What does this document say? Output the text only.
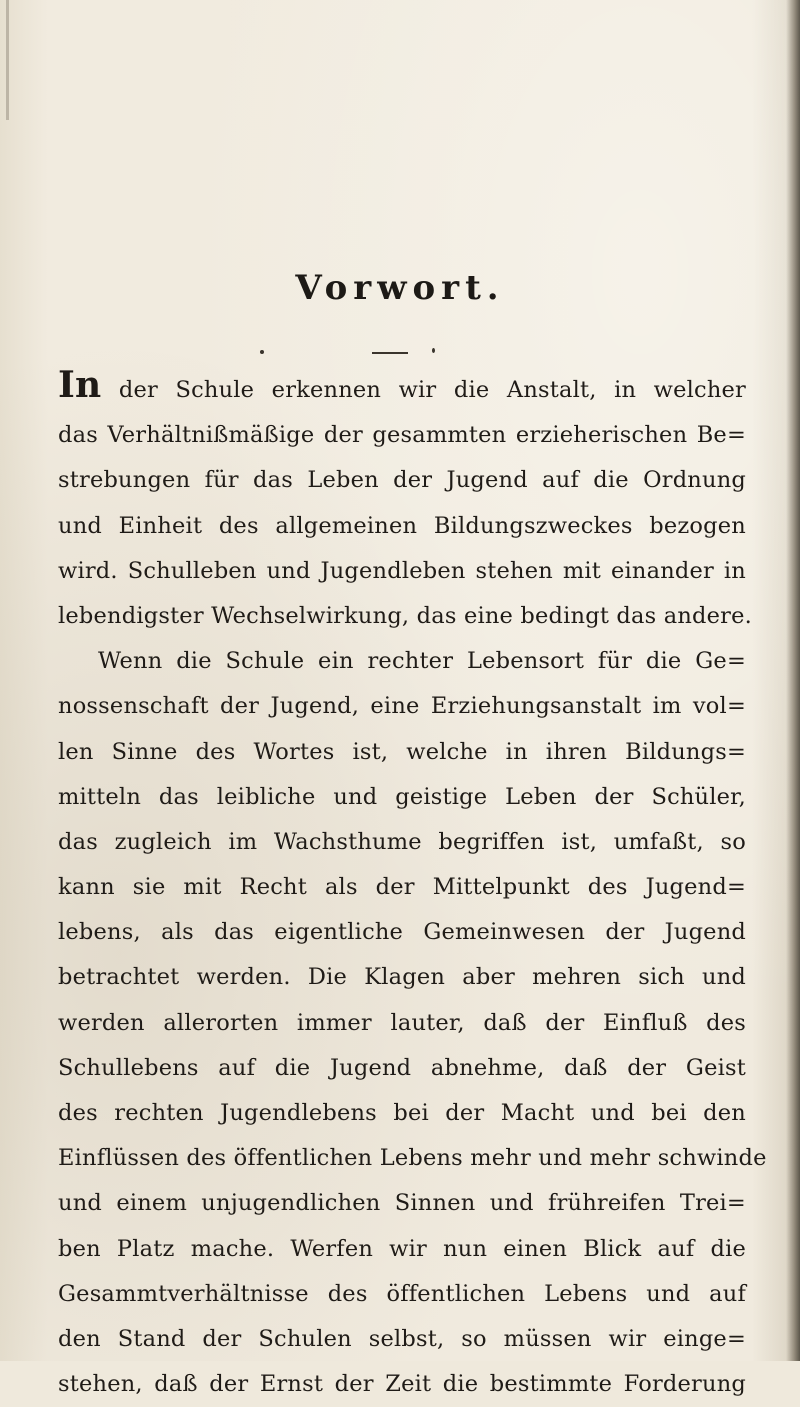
Vorwort.
In der Schule erkennen wir die Anstalt, in welcher
das Verhältnißmäßige der gesammten erzieherischen Be=
strebungen für das Leben der Jugend auf die Ordnung
und Einheit des allgemeinen Bildungszweckes bezogen
wird. Schulleben und Jugendleben stehen mit einander in
lebendigster Wechselwirkung, das eine bedingt das andere.
Wenn die Schule ein rechter Lebensort für die Ge=
nossenschaft der Jugend, eine Erziehungsanstalt im vol=
len Sinne des Wortes ist, welche in ihren Bildungs=
mitteln das leibliche und geistige Leben der Schüler,
das zugleich im Wachsthume begriffen ist, umfaßt, so
kann sie mit Recht als der Mittelpunkt des Jugend=
lebens, als das eigentliche Gemeinwesen der Jugend
betrachtet werden. Die Klagen aber mehren sich und
werden allerorten immer lauter, daß der Einfluß des
Schullebens auf die Jugend abnehme, daß der Geist
des rechten Jugendlebens bei der Macht und bei den
Einflüssen des öffentlichen Lebens mehr und mehr schwinde
und einem unjugendlichen Sinnen und frühreifen Trei=
ben Platz mache. Werfen wir nun einen Blick auf die
Gesammtverhältnisse des öffentlichen Lebens und auf
den Stand der Schulen selbst, so müssen wir einge=
stehen, daß der Ernst der Zeit die bestimmte Forderung
